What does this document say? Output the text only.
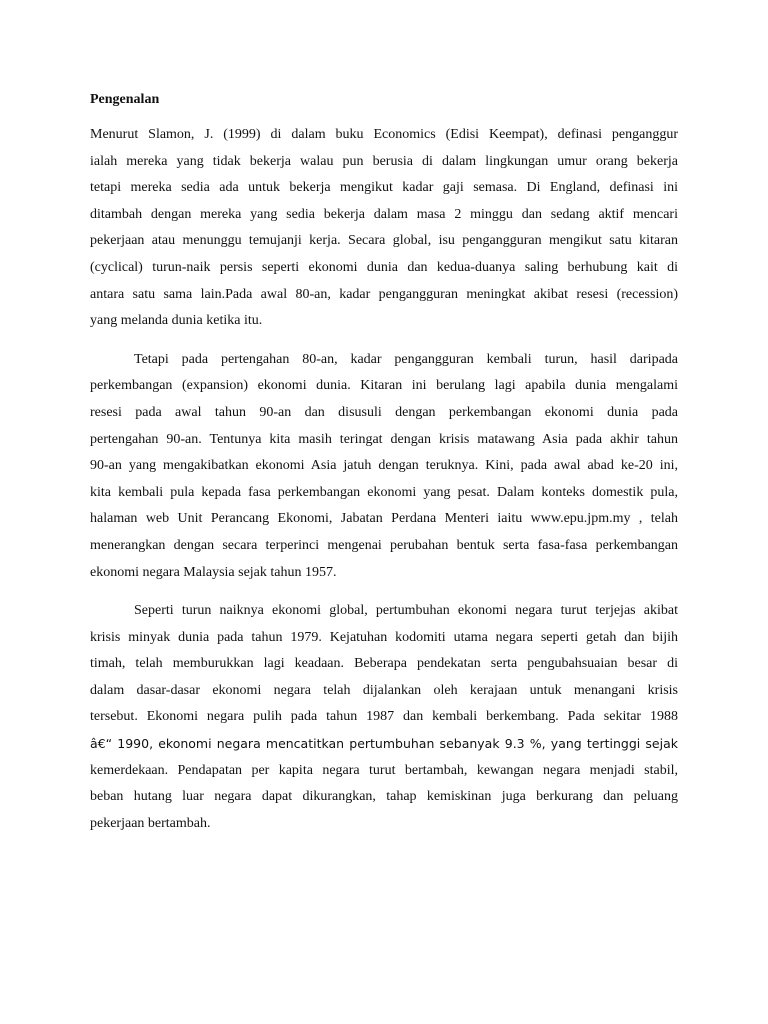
Pengenalan
Menurut Slamon, J. (1999) di dalam buku Economics (Edisi Keempat), definasi penganggur
ialah mereka yang tidak bekerja walau pun berusia di dalam lingkungan umur orang bekerja
tetapi mereka sedia ada untuk bekerja mengikut kadar gaji semasa. Di England, definasi ini
ditambah dengan mereka yang sedia bekerja dalam masa 2 minggu dan sedang aktif mencari
pekerjaan atau menunggu temujanji kerja. Secara global, isu pengangguran mengikut satu kitaran
(cyclical) turun-naik persis seperti ekonomi dunia dan kedua-duanya saling berhubung kait di
antara satu sama lain.Pada awal 80-an, kadar pengangguran meningkat akibat resesi (recession)
yang melanda dunia ketika itu.
Tetapi pada pertengahan 80-an, kadar pengangguran kembali turun, hasil daripada
perkembangan (expansion) ekonomi dunia. Kitaran ini berulang lagi apabila dunia mengalami
resesi pada awal tahun 90-an dan disusuli dengan perkembangan ekonomi dunia pada
pertengahan 90-an. Tentunya kita masih teringat dengan krisis matawang Asia pada akhir tahun
90-an yang mengakibatkan ekonomi Asia jatuh dengan teruknya. Kini, pada awal abad ke-20 ini,
kita kembali pula kepada fasa perkembangan ekonomi yang pesat. Dalam konteks domestik pula,
halaman web Unit Perancang Ekonomi, Jabatan Perdana Menteri iaitu www.epu.jpm.my , telah
menerangkan dengan secara terperinci mengenai perubahan bentuk serta fasa-fasa perkembangan
ekonomi negara Malaysia sejak tahun 1957.
Seperti turun naiknya ekonomi global, pertumbuhan ekonomi negara turut terjejas akibat
krisis minyak dunia pada tahun 1979. Kejatuhan kodomiti utama negara seperti getah dan bijih
timah, telah memburukkan lagi keadaan. Beberapa pendekatan serta pengubahsuaian besar di
dalam dasar-dasar ekonomi negara telah dijalankan oleh kerajaan untuk menangani krisis
tersebut. Ekonomi negara pulih pada tahun 1987 dan kembali berkembang. Pada sekitar 1988
â€“ 1990, ekonomi negara mencatitkan pertumbuhan sebanyak 9.3 %, yang tertinggi sejak
kemerdekaan. Pendapatan per kapita negara turut bertambah, kewangan negara menjadi stabil,
beban hutang luar negara dapat dikurangkan, tahap kemiskinan juga berkurang dan peluang
pekerjaan bertambah.
